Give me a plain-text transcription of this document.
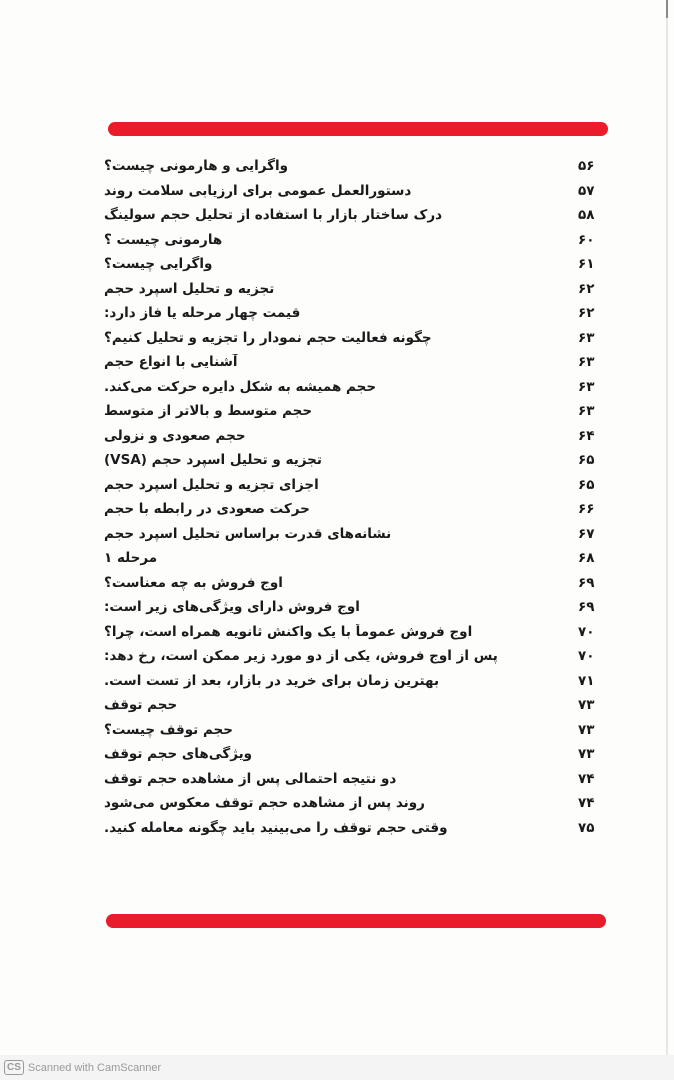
واگرایی و هارمونی چیست؟	۵۶
دستورالعمل عمومی برای ارزیابی سلامت روند	۵۷
درک ساختار بازار با استفاده از تحلیل حجم سولینگ	۵۸
هارمونی چیست ؟	۶۰
واگرایی چیست؟	۶۱
تجزیه و تحلیل اسپرد حجم	۶۲
قیمت چهار مرحله یا فاز دارد:	۶۲
چگونه فعالیت حجم نمودار را تجزیه و تحلیل کنیم؟	۶۳
آشنایی با انواع حجم	۶۳
حجم همیشه به شکل دایره حرکت می‌کند.	۶۳
حجم متوسط و بالاتر از متوسط	۶۳
حجم صعودی و نزولی	۶۴
تجزیه و تحلیل اسپرد حجم (VSA)	۶۵
اجزای تجزیه و تحلیل اسپرد حجم	۶۵
حرکت صعودی در رابطه با حجم	۶۶
نشانه‌های قدرت براساس تحلیل اسپرد حجم	۶۷
مرحله ۱	۶۸
اوج فروش به چه معناست؟	۶۹
اوج فروش دارای ویژگی‌های زیر است:	۶۹
اوج فروش عموماً با یک واکنش ثانویه همراه است، چرا؟	۷۰
پس از اوج فروش، یکی از دو مورد زیر ممکن است، رخ دهد:	۷۰
بهترین زمان برای خرید در بازار، بعد از تست است.	۷۱
حجم توقف	۷۳
حجم توقف چیست؟	۷۳
ویژگی‌های حجم توقف	۷۳
دو نتیجه احتمالی پس از مشاهده حجم توقف	۷۴
روند پس از مشاهده حجم توقف معکوس می‌شود	۷۴
وقتی حجم توقف را می‌بینید باید چگونه معامله کنید.	۷۵
CS Scanned with CamScanner
